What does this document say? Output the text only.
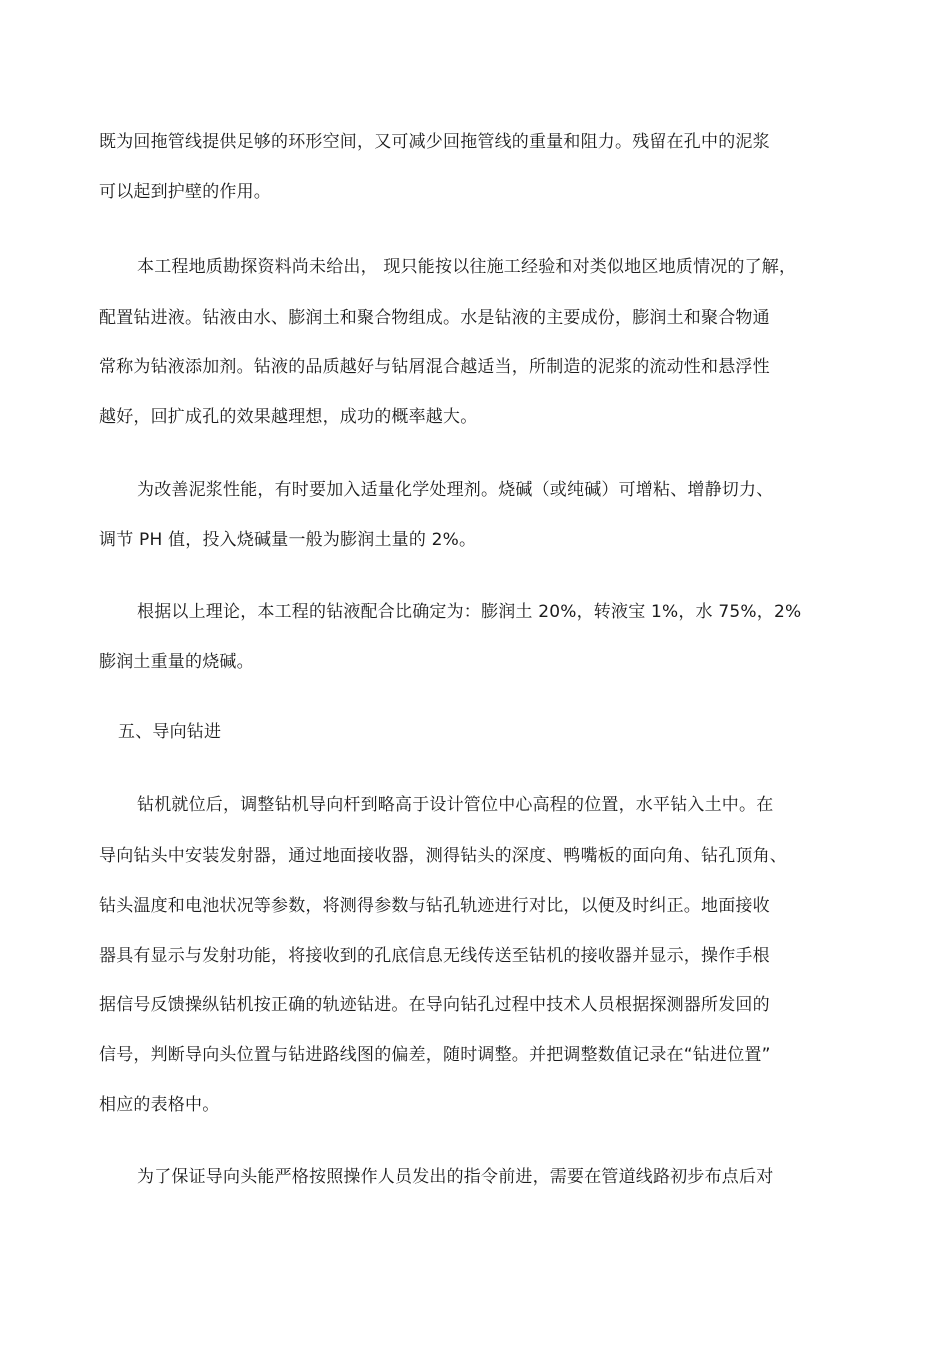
既为回拖管线提供足够的环形空间，又可减少回拖管线的重量和阻力。残留在孔中的泥浆
可以起到护壁的作用。
本工程地质勘探资料尚未给出， 现只能按以往施工经验和对类似地区地质情况的了解，
配置钻进液。钻液由水、膨润土和聚合物组成。水是钻液的主要成份，膨润土和聚合物通
常称为钻液添加剂。钻液的品质越好与钻屑混合越适当，所制造的泥浆的流动性和悬浮性
越好，回扩成孔的效果越理想，成功的概率越大。
为改善泥浆性能，有时要加入适量化学处理剂。烧碱（或纯碱）可增粘、增静切力、
调节 PH 值，投入烧碱量一般为膨润土量的 2%。
根据以上理论，本工程的钻液配合比确定为：膨润土 20%，转液宝 1%，水 75%，2%
膨润土重量的烧碱。
五、导向钻进
钻机就位后，调整钻机导向杆到略高于设计管位中心高程的位置，水平钻入土中。在
导向钻头中安装发射器，通过地面接收器，测得钻头的深度、鸭嘴板的面向角、钻孔顶角、
钻头温度和电池状况等参数，将测得参数与钻孔轨迹进行对比，以便及时纠正。地面接收
器具有显示与发射功能，将接收到的孔底信息无线传送至钻机的接收器并显示，操作手根
据信号反馈操纵钻机按正确的轨迹钻进。在导向钻孔过程中技术人员根据探测器所发回的
信号，判断导向头位置与钻进路线图的偏差，随时调整。并把调整数值记录在“钻进位置”
相应的表格中。
为了保证导向头能严格按照操作人员发出的指令前进，需要在管道线路初步布点后对
